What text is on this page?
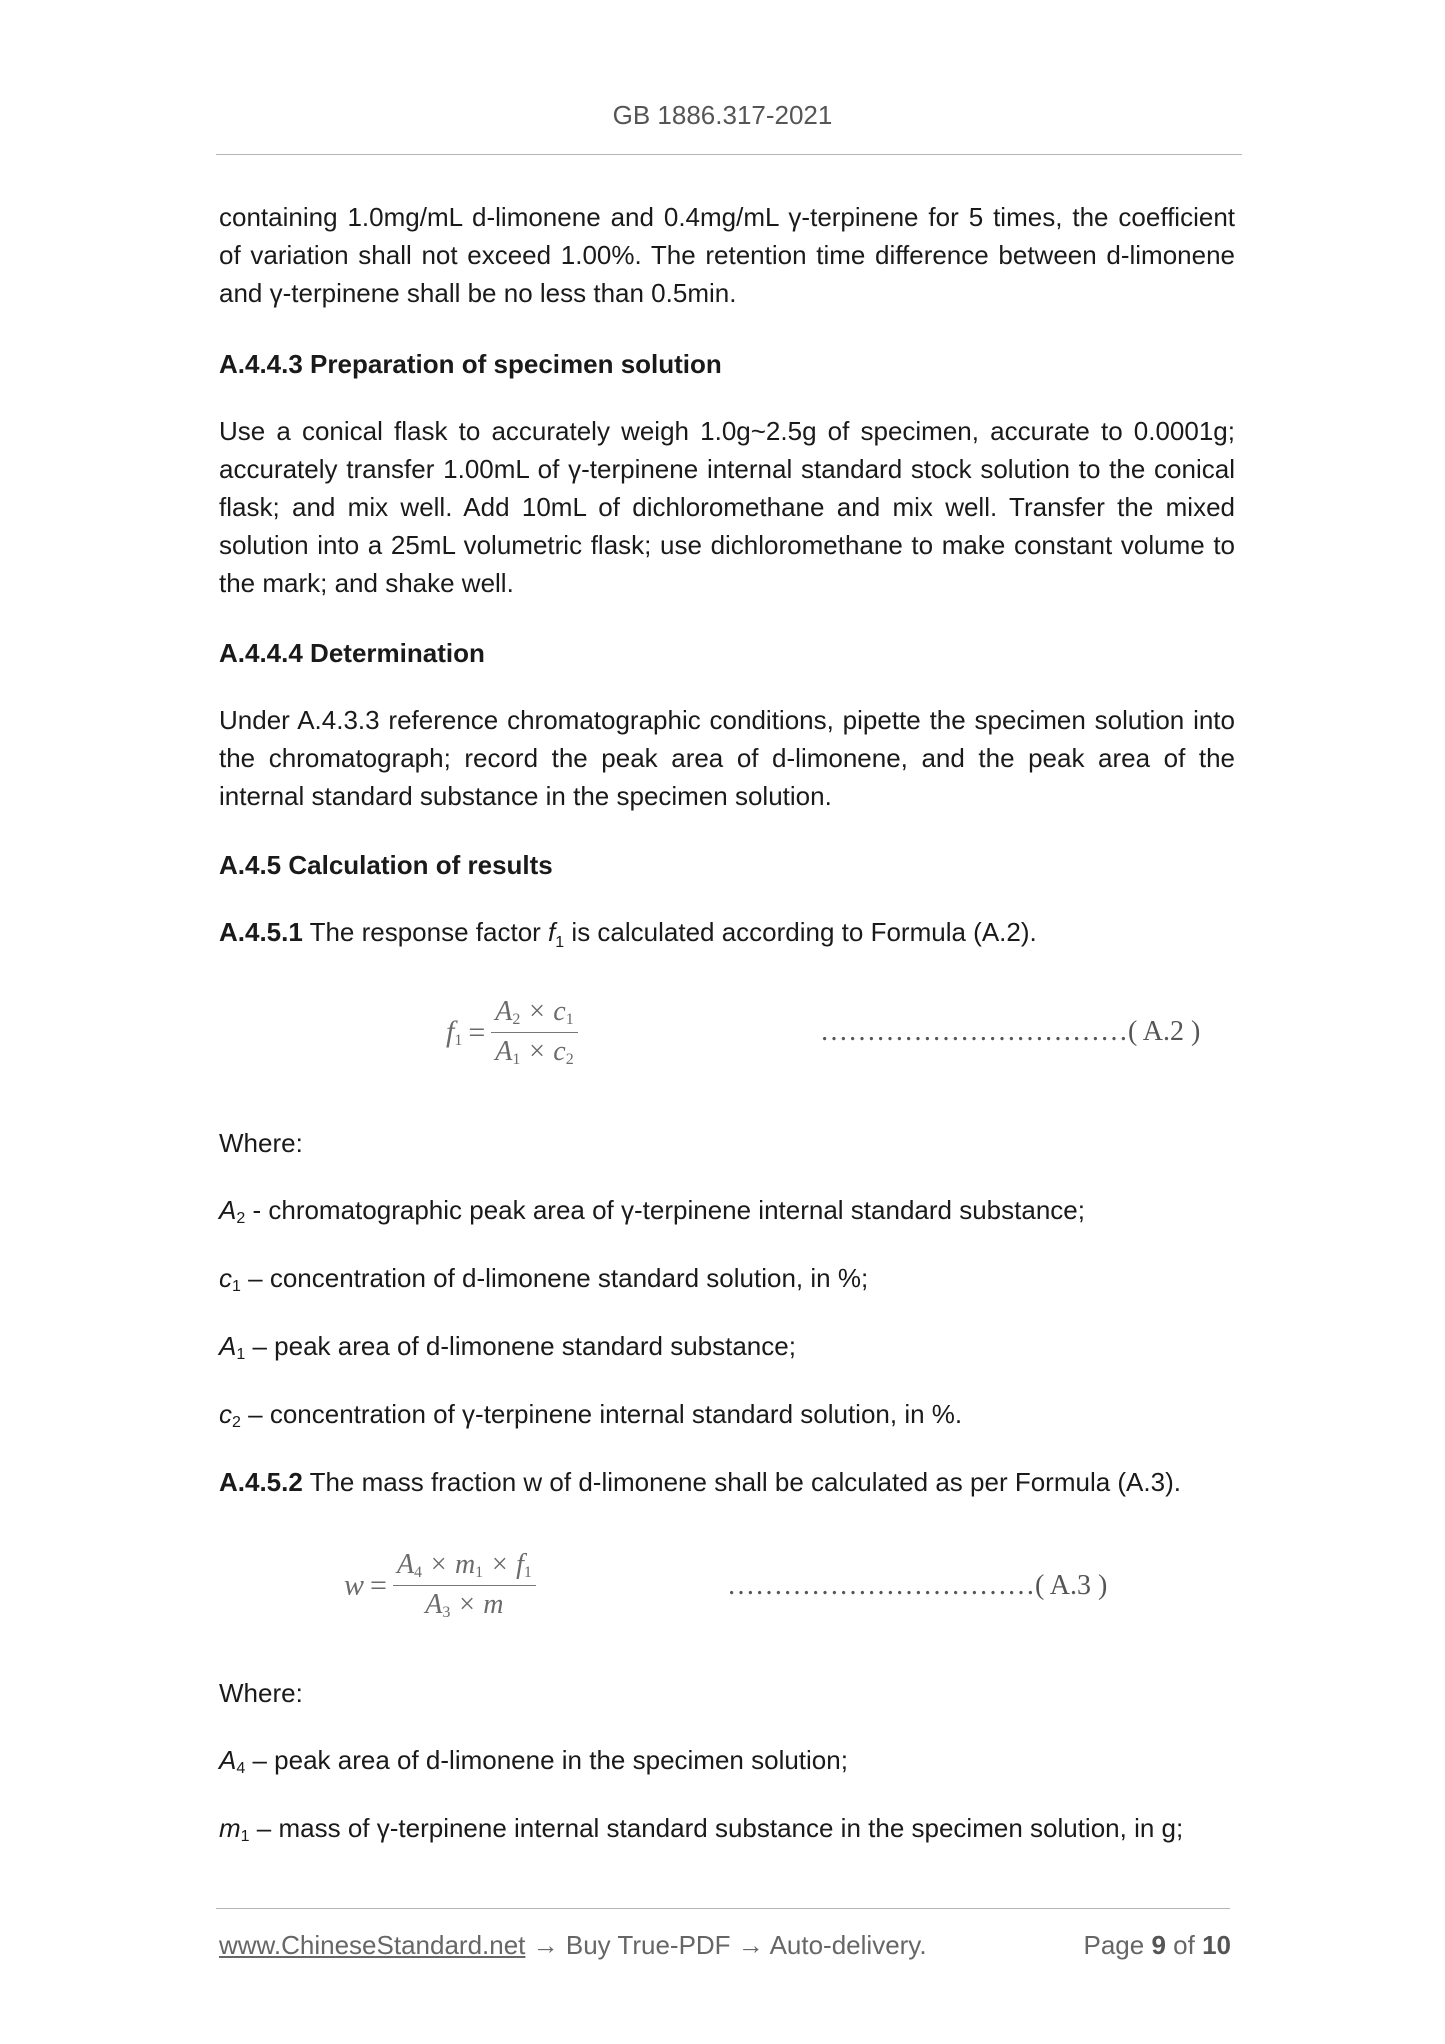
GB 1886.317-2021

containing 1.0mg/mL d-limonene and 0.4mg/mL γ-terpinene for 5 times, the coefficient of variation shall not exceed 1.00%. The retention time difference between d-limonene and γ-terpinene shall be no less than 0.5min.

A.4.4.3 Preparation of specimen solution

Use a conical flask to accurately weigh 1.0g~2.5g of specimen, accurate to 0.0001g; accurately transfer 1.00mL of γ-terpinene internal standard stock solution to the conical flask; and mix well. Add 10mL of dichloromethane and mix well. Transfer the mixed solution into a 25mL volumetric flask; use dichloromethane to make constant volume to the mark; and shake well.

A.4.4.4 Determination

Under A.4.3.3 reference chromatographic conditions, pipette the specimen solution into the chromatograph; record the peak area of d-limonene, and the peak area of the internal standard substance in the specimen solution.

A.4.5 Calculation of results

A.4.5.1 The response factor $f_1$ is calculated according to Formula (A.2).

$f_1 = \frac{A_2 \times c_1}{A_1 \times c_2}$	……………………………( A.2 )

Where:

$A_2$ - chromatographic peak area of γ-terpinene internal standard substance;

$c_1$ – concentration of d-limonene standard solution, in %;

$A_1$ – peak area of d-limonene standard substance;

$c_2$ – concentration of γ-terpinene internal standard solution, in %.

A.4.5.2 The mass fraction w of d-limonene shall be calculated as per Formula (A.3).

$w = \frac{A_4 \times m_1 \times f_1}{A_3 \times m}$	……………………………( A.3 )

Where:

$A_4$ – peak area of d-limonene in the specimen solution;

$m_1$ – mass of γ-terpinene internal standard substance in the specimen solution, in g;

www.ChineseStandard.net → Buy True-PDF → Auto-delivery.	Page 9 of 10
